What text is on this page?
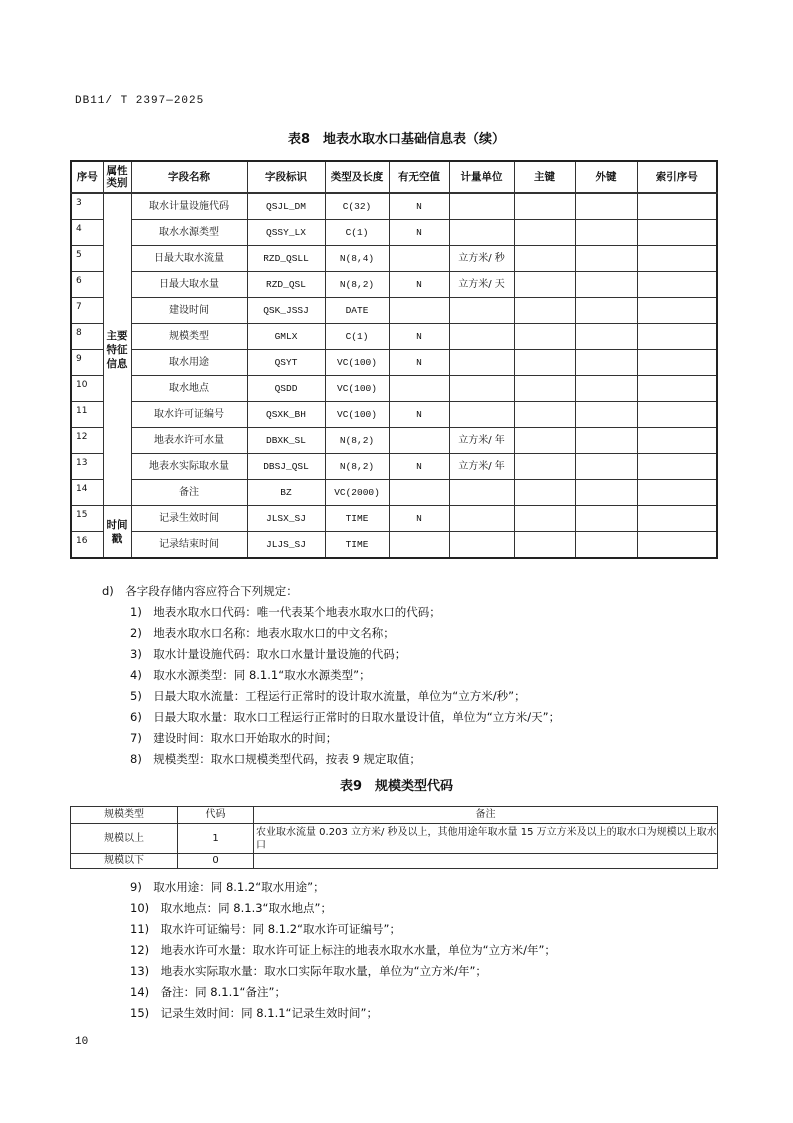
DB11/ T 2397—2025
表8　地表水取水口基础信息表（续）
序号	属性类别	字段名称	字段标识	类型及长度	有无空值	计量单位	主键	外键	索引序号
3	主要特征信息	取水计量设施代码	QSJL_DM	C(32)	N				
4		取水水源类型	QSSY_LX	C(1)	N				
5		日最大取水流量	RZD_QSLL	N(8,4)		立方米/ 秒			
6		日最大取水量	RZD_QSL	N(8,2)	N	立方米/ 天			
7		建设时间	QSK_JSSJ	DATE					
8		规模类型	GMLX	C(1)	N				
9		取水用途	QSYT	VC(100)	N				
10		取水地点	QSDD	VC(100)					
11		取水许可证编号	QSXK_BH	VC(100)	N				
12		地表水许可水量	DBXK_SL	N(8,2)		立方米/ 年			
13		地表水实际取水量	DBSJ_QSL	N(8,2)	N	立方米/ 年			
14		备注	BZ	VC(2000)					
15	时间戳	记录生效时间	JLSX_SJ	TIME	N				
16		记录结束时间	JLJS_SJ	TIME					
d)　各字段存储内容应符合下列规定：
1)　地表水取水口代码：唯一代表某个地表水取水口的代码；
2)　地表水取水口名称：地表水取水口的中文名称；
3)　取水计量设施代码：取水口水量计量设施的代码；
4)　取水水源类型：同 8.1.1“取水水源类型”；
5)　日最大取水流量：工程运行正常时的设计取水流量，单位为“立方米/秒”；
6)　日最大取水量：取水口工程运行正常时的日取水量设计值，单位为“立方米/天”；
7)　建设时间：取水口开始取水的时间；
8)　规模类型：取水口规模类型代码，按表 9 规定取值；
表9　规模类型代码
规模类型	代码	备注
规模以上	1	农业取水流量 0.203 立方米/ 秒及以上，其他用途年取水量 15 万立方米及以上的取水口为规模以上取水口
规模以下	0	
9)　取水用途：同 8.1.2“取水用途”；
10)　取水地点：同 8.1.3“取水地点”；
11)　取水许可证编号：同 8.1.2“取水许可证编号”；
12)　地表水许可水量：取水许可证上标注的地表水取水水量，单位为“立方米/年”；
13)　地表水实际取水量：取水口实际年取水量，单位为“立方米/年”；
14)　备注：同 8.1.1“备注”；
15)　记录生效时间：同 8.1.1“记录生效时间”；
10
